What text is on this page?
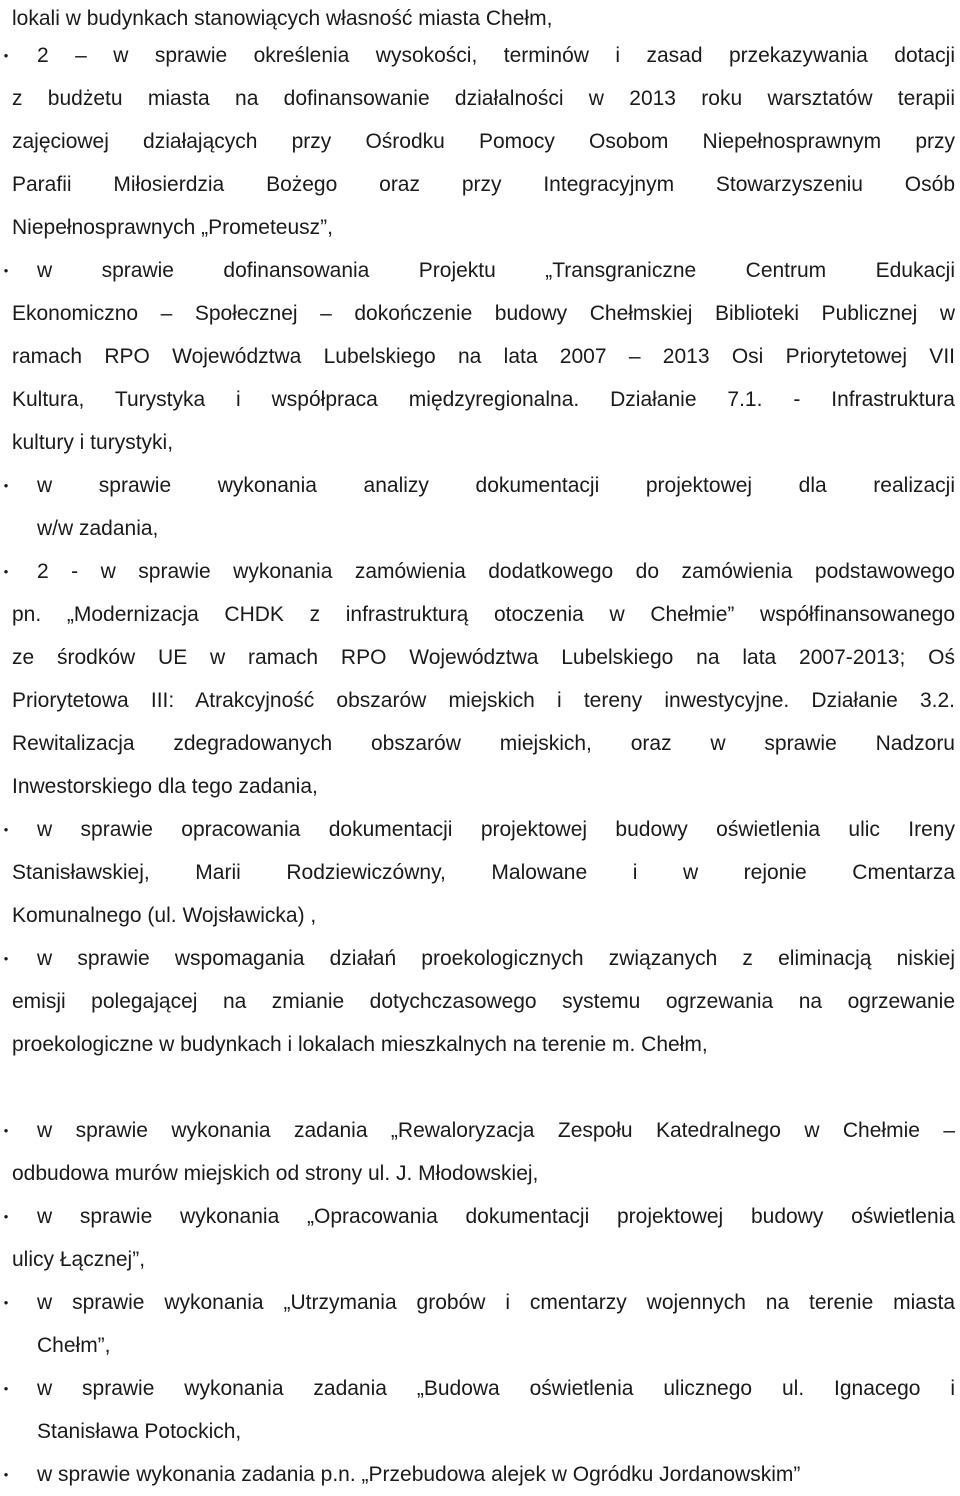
lokali w budynkach stanowiących własność miasta Chełm,
• 2 – w sprawie określenia wysokości, terminów i zasad przekazywania dotacji
z budżetu miasta na dofinansowanie działalności w 2013 roku warsztatów terapii
zajęciowej działających przy Ośrodku Pomocy Osobom Niepełnosprawnym przy
Parafii Miłosierdzia Bożego oraz przy Integracyjnym Stowarzyszeniu Osób
Niepełnosprawnych „Prometeusz”,
• w sprawie dofinansowania Projektu „Transgraniczne Centrum Edukacji
Ekonomiczno – Społecznej – dokończenie budowy Chełmskiej Biblioteki Publicznej w
ramach RPO Województwa Lubelskiego na lata 2007 – 2013 Osi Priorytetowej VII
Kultura, Turystyka i współpraca międzyregionalna. Działanie 7.1. - Infrastruktura
kultury i turystyki,
• w sprawie wykonania analizy dokumentacji projektowej dla realizacji
w/w zadania,
• 2 - w sprawie wykonania zamówienia dodatkowego do zamówienia podstawowego
pn. „Modernizacja CHDK z infrastrukturą otoczenia w Chełmie” współfinansowanego
ze środków UE w ramach RPO Województwa Lubelskiego na lata 2007-2013; Oś
Priorytetowa III: Atrakcyjność obszarów miejskich i tereny inwestycyjne. Działanie 3.2.
Rewitalizacja zdegradowanych obszarów miejskich, oraz w sprawie Nadzoru
Inwestorskiego dla tego zadania,
• w sprawie opracowania dokumentacji projektowej budowy oświetlenia ulic Ireny
Stanisławskiej, Marii Rodziewiczówny, Malowane i w rejonie Cmentarza
Komunalnego (ul. Wojsławicka) ,
• w sprawie wspomagania działań proekologicznych związanych z eliminacją niskiej
emisji polegającej na zmianie dotychczasowego systemu ogrzewania na ogrzewanie
proekologiczne w budynkach i lokalach mieszkalnych na terenie m. Chełm,
• w sprawie wykonania zadania „Rewaloryzacja Zespołu Katedralnego w Chełmie –
odbudowa murów miejskich od strony ul. J. Młodowskiej,
• w sprawie wykonania „Opracowania dokumentacji projektowej budowy oświetlenia
ulicy Łącznej”,
• w sprawie wykonania „Utrzymania grobów i cmentarzy wojennych na terenie miasta
Chełm”,
• w sprawie wykonania zadania „Budowa oświetlenia ulicznego ul. Ignacego i
Stanisława Potockich,
• w sprawie wykonania zadania p.n. „Przebudowa alejek w Ogródku Jordanowskim”
